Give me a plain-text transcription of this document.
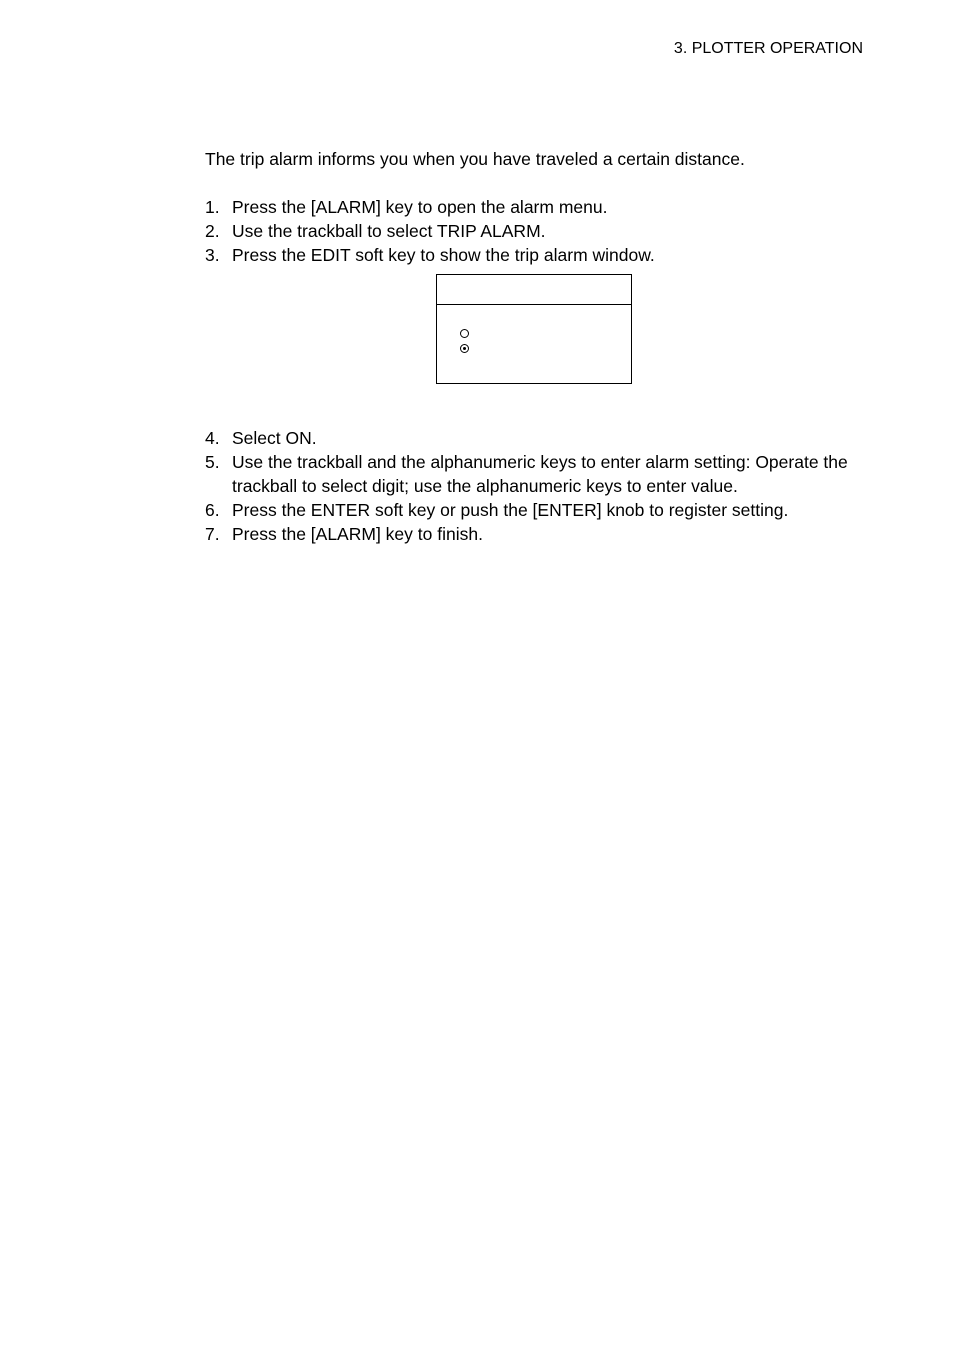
3. PLOTTER OPERATION

The trip alarm informs you when you have traveled a certain distance.

1. Press the [ALARM] key to open the alarm menu.
2. Use the trackball to select TRIP ALARM.
3. Press the EDIT soft key to show the trip alarm window.
4. Select ON.
5. Use the trackball and the alphanumeric keys to enter alarm setting: Operate the trackball to select digit; use the alphanumeric keys to enter value.
6. Press the ENTER soft key or push the [ENTER] knob to register setting.
7. Press the [ALARM] key to finish.
